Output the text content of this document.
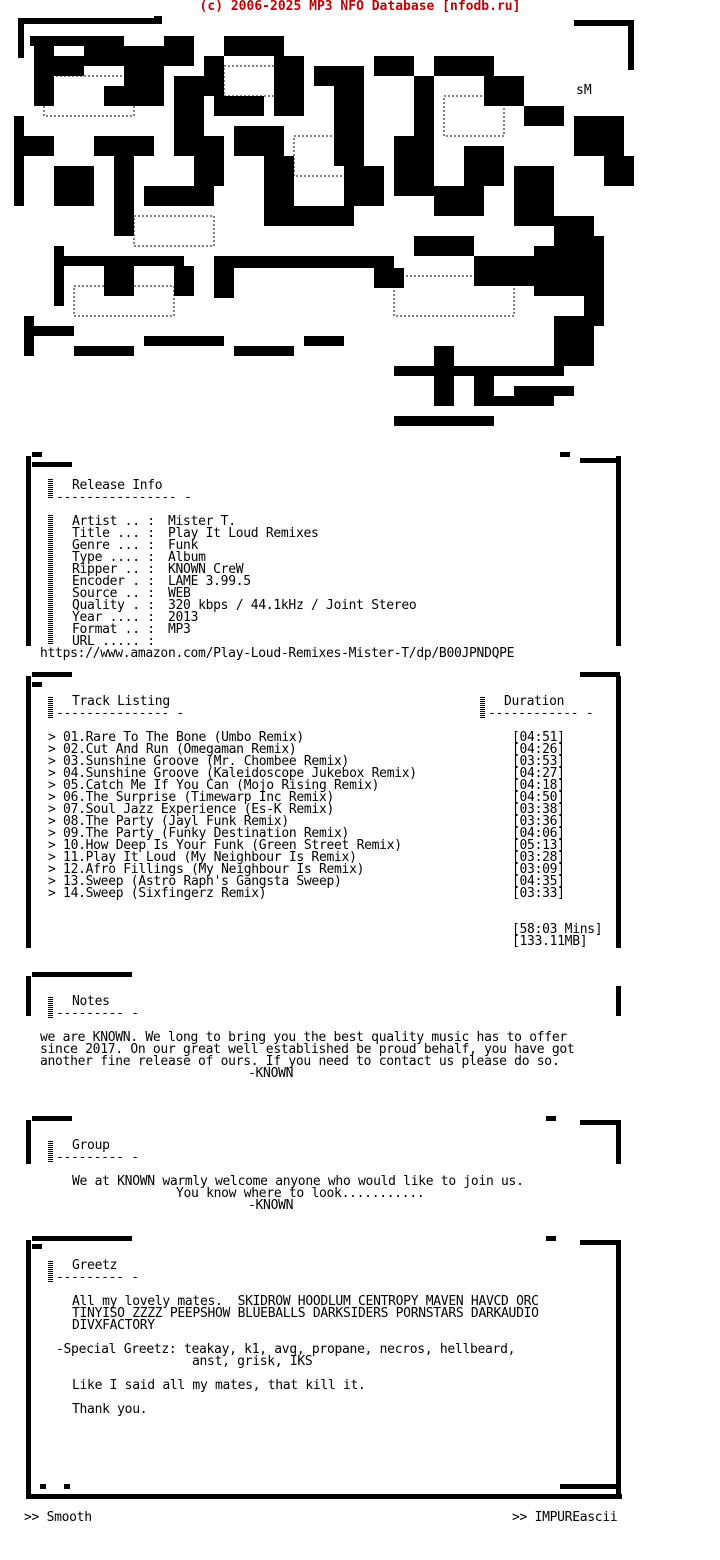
(c) 2006-2025 MP3 NFO Database [nfodb.ru]
sM
Release Info
---------------- -
Artist .. : Mister T.
Title ... : Play It Loud Remixes
Genre ... : Funk
Type .... : Album
Ripper .. : KNOWN CreW
Encoder . : LAME 3.99.5
Source .. : WEB
Quality . : 320 kbps / 44.1kHz / Joint Stereo
Year .... : 2013
Format .. : MP3
URL ..... :
https://www.amazon.com/Play-Loud-Remixes-Mister-T/dp/B00JPNDQPE
Track Listing
--------------- -
Duration
------------ -
> 01.Rare To The Bone (Umbo Remix)	[04:51]
> 02.Cut And Run (Omegaman Remix)	[04:26]
> 03.Sunshine Groove (Mr. Chombee Remix)	[03:53]
> 04.Sunshine Groove (Kaleidoscope Jukebox Remix)	[04:27]
> 05.Catch Me If You Can (Mojo Rising Remix)	[04:18]
> 06.The Surprise (Timewarp Inc Remix)	[04:50]
> 07.Soul Jazz Experience (Es-K Remix)	[03:38]
> 08.The Party (Jayl Funk Remix)	[03:36]
> 09.The Party (Funky Destination Remix)	[04:06]
> 10.How Deep Is Your Funk (Green Street Remix)	[05:13]
> 11.Play It Loud (My Neighbour Is Remix)	[03:28]
> 12.Afro Fillings (My Neighbour Is Remix)	[03:09]
> 13.Sweep (Astro Raph's Gangsta Sweep)	[04:35]
> 14.Sweep (Sixfingerz Remix)	[03:33]
[58:03 Mins]
[133.11MB]
Notes
--------- -
we are KNOWN. We long to bring you the best quality music has to offer
since 2017. On our great well established be proud behalf, you have got
another fine release of ours. If you need to contact us please do so.
-KNOWN
Group
--------- -
We at KNOWN warmly welcome anyone who would like to join us.
You know where to look...........
-KNOWN
Greetz
--------- -
All my lovely mates.  SKIDROW HOODLUM CENTROPY MAVEN HAVCD ORC
TINYISO ZZZZ PEEPSHOW BLUEBALLS DARKSIDERS PORNSTARS DARKAUDIO
DIVXFACTORY
-Special Greetz: teakay, k1, avg, propane, necros, hellbeard,
anst, grisk, IKS
Like I said all my mates, that kill it.
Thank you.
>> Smooth	>> IMPUREascii
